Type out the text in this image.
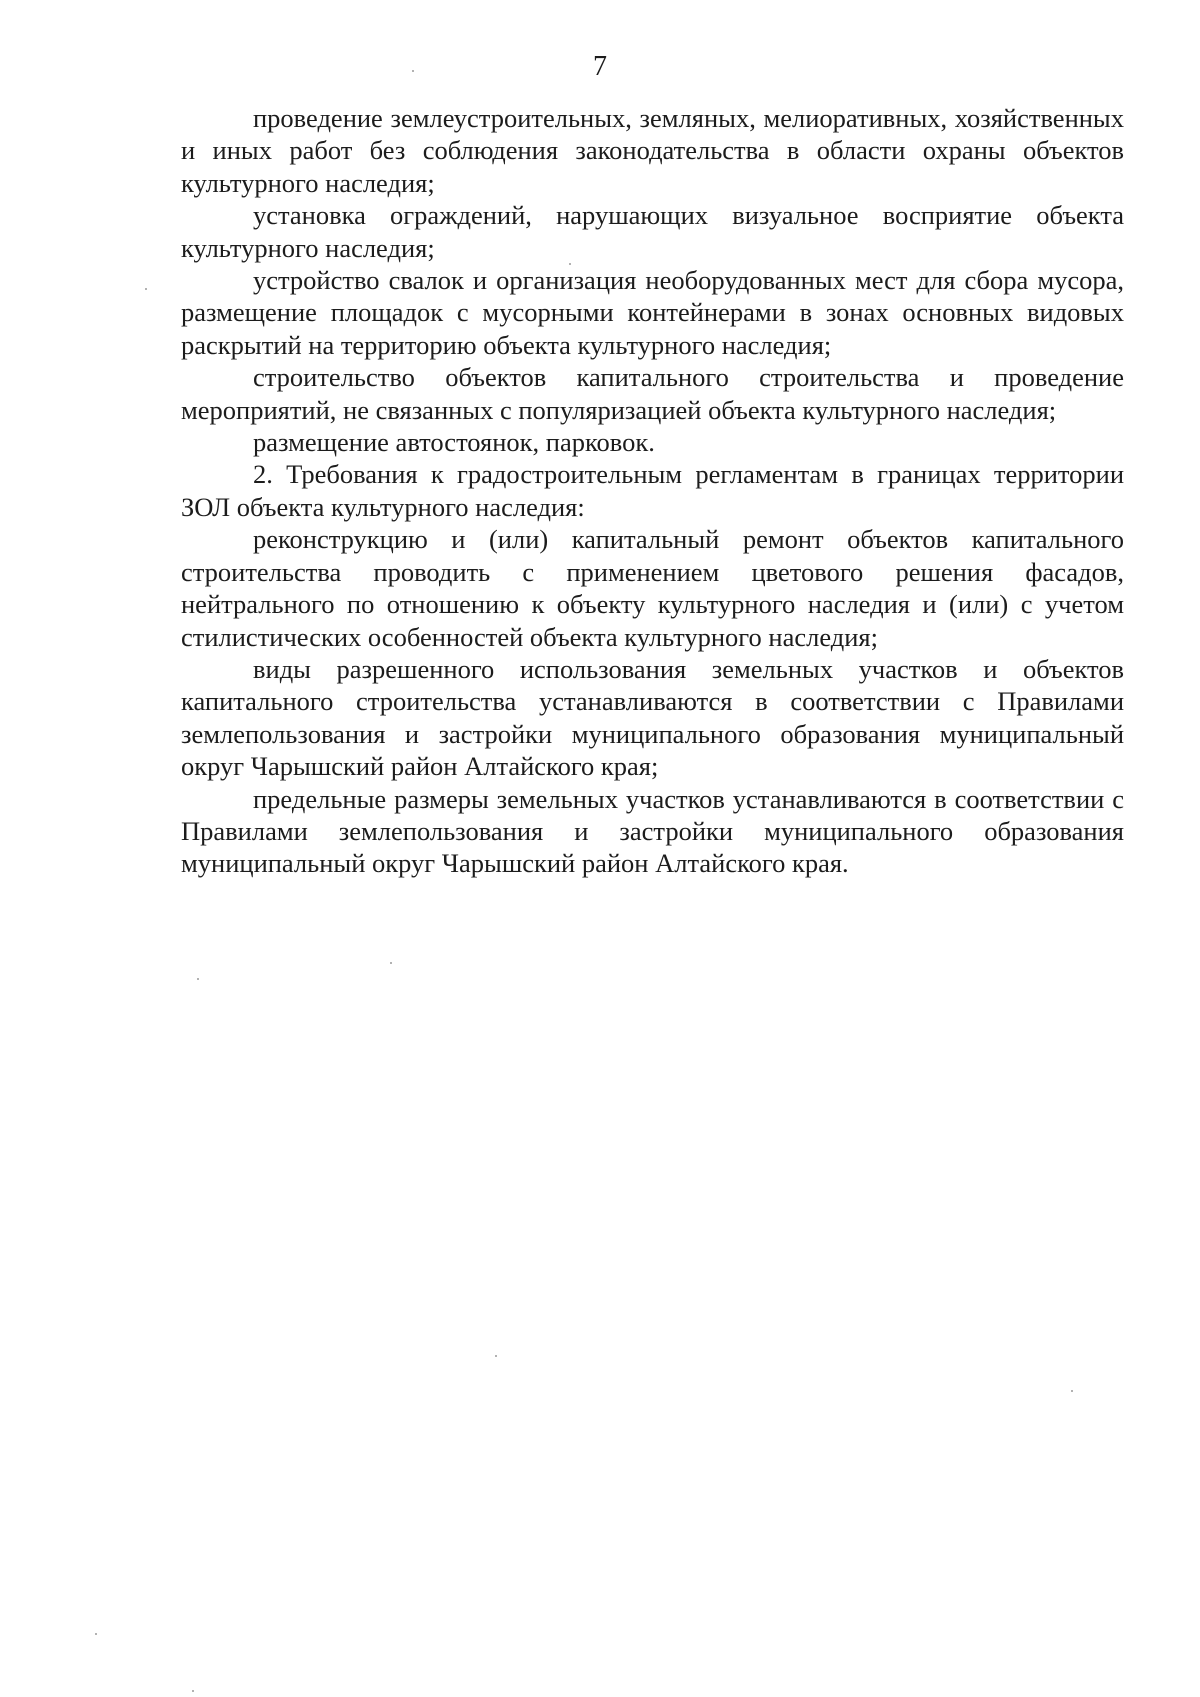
7

проведение землеустроительных, земляных, мелиоративных, хозяйственных и иных работ без соблюдения законодательства в области охраны объектов культурного наследия;

установка ограждений, нарушающих визуальное восприятие объекта культурного наследия;

устройство свалок и организация необорудованных мест для сбора мусора, размещение площадок с мусорными контейнерами в зонах основных видовых раскрытий на территорию объекта культурного наследия;

строительство объектов капитального строительства и проведение мероприятий, не связанных с популяризацией объекта культурного наследия;

размещение автостоянок, парковок.

2. Требования к градостроительным регламентам в границах территории ЗОЛ объекта культурного наследия:

реконструкцию и (или) капитальный ремонт объектов капитального строительства проводить с применением цветового решения фасадов, нейтрального по отношению к объекту культурного наследия и (или) с учетом стилистических особенностей объекта культурного наследия;

виды разрешенного использования земельных участков и объектов капитального строительства устанавливаются в соответствии с Правилами землепользования и застройки муниципального образования муниципальный округ Чарышский район Алтайского края;

предельные размеры земельных участков устанавливаются в соответствии с Правилами землепользования и застройки муниципального образования муниципальный округ Чарышский район Алтайского края.
